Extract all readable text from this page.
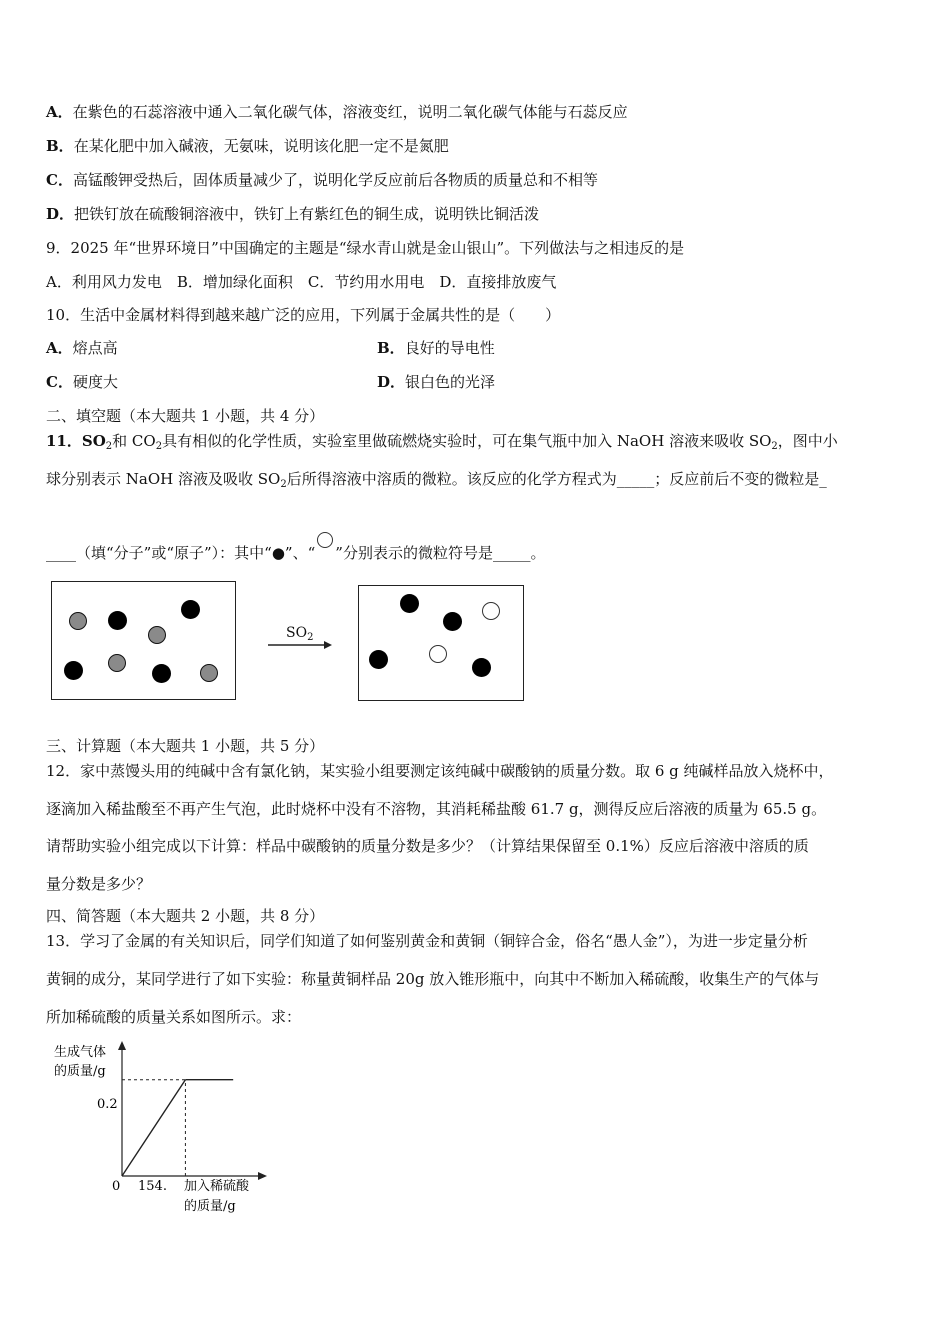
A．在紫色的石蕊溶液中通入二氧化碳气体，溶液变红，说明二氧化碳气体能与石蕊反应
B．在某化肥中加入碱液，无氨味，说明该化肥一定不是氮肥
C．高锰酸钾受热后，固体质量减少了，说明化学反应前后各物质的质量总和不相等
D．把铁钉放在硫酸铜溶液中，铁钉上有紫红色的铜生成，说明铁比铜活泼
9．2025 年“世界环境日”中国确定的主题是“绿水青山就是金山银山”。下列做法与之相违反的是
A．利用风力发电　B．增加绿化面积　C．节约用水用电　D．直接排放废气
10．生活中金属材料得到越来越广泛的应用，下列属于金属共性的是（　　）
A．熔点高	B．良好的导电性
C．硬度大	D．银白色的光泽
二、填空题（本大题共 1 小题，共 4 分）
11．$SO_2$和 $CO_2$具有相似的化学性质，实验室里做硫燃烧实验时，可在集气瓶中加入 NaOH 溶液来吸收 $SO_2$，图中小
球分别表示 NaOH 溶液及吸收 $SO_2$后所得溶液中溶质的微粒。该反应的化学方程式为_____；反应前后不变的微粒是_
____（填“分子”或“原子”）：其中“●”、“ ”分别表示的微粒符号是_____。
$SO_2$
三、计算题（本大题共 1 小题，共 5 分）
12．家中蒸馒头用的纯碱中含有氯化钠，某实验小组要测定该纯碱中碳酸钠的质量分数。取 6 g 纯碱样品放入烧杯中，
逐滴加入稀盐酸至不再产生气泡，此时烧杯中没有不溶物，其消耗稀盐酸 61.7 g，测得反应后溶液的质量为 65.5 g。
请帮助实验小组完成以下计算：样品中碳酸钠的质量分数是多少？（计算结果保留至 0.1%）反应后溶液中溶质的质
量分数是多少？
四、简答题（本大题共 2 小题，共 8 分）
13．学习了金属的有关知识后，同学们知道了如何鉴别黄金和黄铜（铜锌合金，俗名“愚人金”），为进一步定量分析
黄铜的成分，某同学进行了如下实验：称量黄铜样品 20g 放入锥形瓶中，向其中不断加入稀硫酸，收集生产的气体与
所加稀硫酸的质量关系如图所示。求：
生成气体
的质量/g
0 154.
0.2
加入稀硫酸
的质量/g
